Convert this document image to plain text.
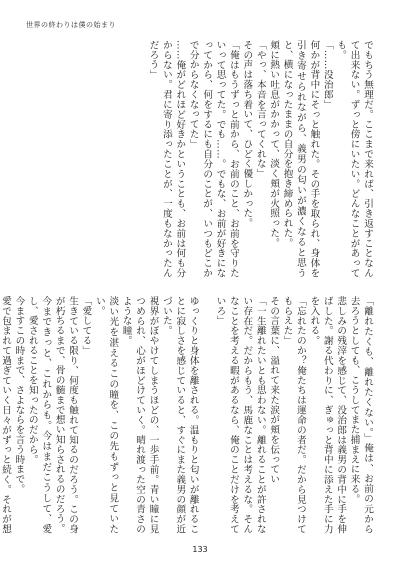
世界の終わりは僕の始まり

でもちう無理だ。ここまで来れば、引き返すことなんて出来ない。ずっと傍にいたい。どんなことがあっても。
「……没治郎」
何かが背中にそっと触れた。その手を取られ、身体を引き寄せられながら、義男の匂いが濃くなると思うと、横になったままの自分を抱き締められた。
頬に熱い吐息がかかって、淡く頬が火照った。
「やっ、本音を言ってくれな」
その声は落ち着いて、ひどく優しかった。
「俺はもうずっと前から、お前のこと、お前を守りたいって思ってた。でも……。でもな、お前が好きになってから、何をするにも自分のことが、いつもどこかで分からなくなってた」
……俺がどれほど好きかということも、お前は何も分からない。君に寄り添ったことが、一度もなかったんだろう」

「離れたくも、離れたくない。」俺は、お前の元から去ろうとしても、こうしてまた捕まえに来る。
悲しみの残滓を感じて、没治郎は義男の背中に手を伸ばした。謝る代わりに、ぎゅっと背中に添えた手に力を入れる。
「忘れたのか？俺たちは運命の者だ。だから見つけてもらえた」
その言葉に、溢れて来た涙が頬を伝ってい
「一生離れたいとも思わない。離れることが許されない存在だ。だからもう、馬鹿なことは考えるな。そんなことを考える暇があるなら、俺のことだけを考えていろ」

ゆっくりと身体を離される。温もりと匂いが離れることに寂しさを感じていると、すぐにまた義男の顔が近づいた。
視界がぼやけてしまうほどの、一歩手前。青い瞳に見つめられ、心がほどけていく。晴れ渡った空の青さのような瞳。
淡い光を湛えるこの瞳を、この先もずっと見ていたい。
「愛してる」
生きている限り、何度も触れて知るのだろう。この身が朽ちるまで、骨の髄まで想い知らされるのだろう。
今まできっと、これからも。今はまだこうして、愛し、愛されることを知ったのだから。
今ますこの時まで、さよならを言う時まで。
愛で包まれて過ぎていく日々がずっと続く。それが想

133
